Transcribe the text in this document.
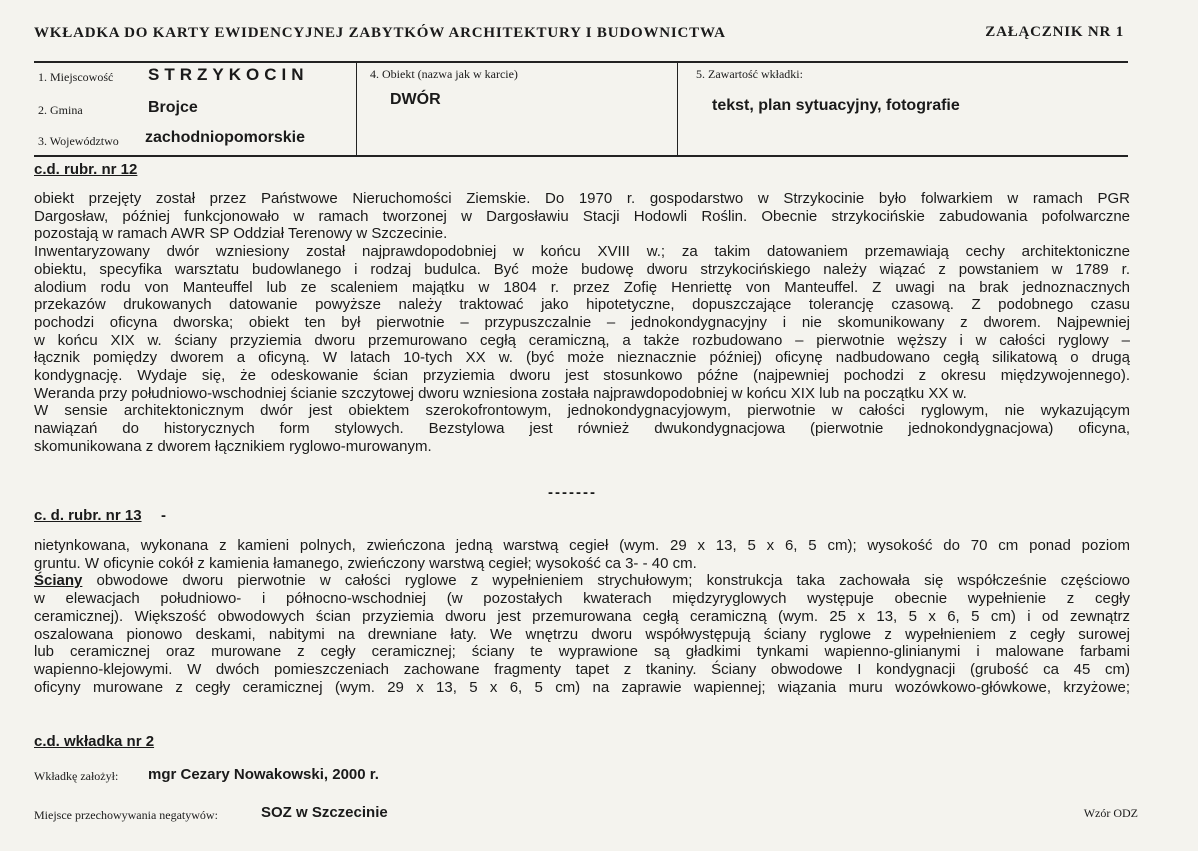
WKŁADKA DO KARTY EWIDENCYJNEJ ZABYTKÓW ARCHITEKTURY I BUDOWNICTWA	ZAŁĄCZNIK NR 1
1. Miejscowość STRZYKOCIN
2. Gmina	Brojce
3. Województwo zachodniopomorskie
4. Obiekt (nazwa jak w karcie)
DWÓR
5. Zawartość wkładki:
tekst, plan sytuacyjny, fotografie
c.d. rubr. nr 12
obiekt przejęty został przez Państwowe Nieruchomości Ziemskie. Do 1970 r. gospodarstwo w Strzykocinie było folwarkiem w ramach PGR
Dargosław, później funkcjonowało w ramach tworzonej w Dargosławiu Stacji Hodowli Roślin. Obecnie strzykocińskie zabudowania pofolwarczne
pozostają w ramach AWR SP Oddział Terenowy w Szczecinie.
Inwentaryzowany dwór wzniesiony został najprawdopodobniej w końcu XVIII w.; za takim datowaniem przemawiają cechy architektoniczne
obiektu, specyfika warsztatu budowlanego i rodzaj budulca. Być może budowę dworu strzykocińskiego należy wiązać z powstaniem w 1789 r.
alodium rodu von Manteuffel lub ze scaleniem majątku w 1804 r. przez Zofię Henriettę von Manteuffel. Z uwagi na brak jednoznacznych
przekazów drukowanych datowanie powyższe należy traktować jako hipotetyczne, dopuszczające tolerancję czasową. Z podobnego czasu
pochodzi oficyna dworska; obiekt ten był pierwotnie – przypuszczalnie – jednokondygnacyjny i nie skomunikowany z dworem. Najpewniej
w końcu XIX w. ściany przyziemia dworu przemurowano cegłą ceramiczną, a także rozbudowano – pierwotnie węższy i w całości ryglowy –
łącznik pomiędzy dworem a oficyną. W latach 10-tych XX w. (być może nieznacznie później) oficynę nadbudowano cegłą silikatową o drugą
kondygnację. Wydaje się, że odeskowanie ścian przyziemia dworu jest stosunkowo późne (najpewniej pochodzi z okresu międzywojennego).
Weranda przy południowo-wschodniej ścianie szczytowej dworu wzniesiona została najprawdopodobniej w końcu XIX lub na początku XX w.
W sensie architektonicznym dwór jest obiektem szerokofrontowym, jednokondygnacyjowym, pierwotnie w całości ryglowym, nie wykazującym
nawiązań do historycznych form stylowych. Bezstylowa jest również dwukondygnacjowa (pierwotnie jednokondygnacjowa) oficyna,
skomunikowana z dworem łącznikiem ryglowo-murowanym.
-------
c. d. rubr. nr 13 -
nietynkowana, wykonana z kamieni polnych, zwieńczona jedną warstwą cegieł (wym. 29 x 13, 5 x 6, 5 cm); wysokość do 70 cm ponad poziom
gruntu. W oficynie cokół z kamienia łamanego, zwieńczony warstwą cegieł; wysokość ca 3- - 40 cm.
Ściany obwodowe dworu pierwotnie w całości ryglowe z wypełnieniem strychułowym; konstrukcja taka zachowała się współcześnie częściowo
w elewacjach południowo- i północno-wschodniej (w pozostałych kwaterach międzyryglowych występuje obecnie wypełnienie z cegły
ceramicznej). Większość obwodowych ścian przyziemia dworu jest przemurowana cegłą ceramiczną (wym. 25 x 13, 5 x 6, 5 cm) i od zewnątrz
oszalowana pionowo deskami, nabitymi na drewniane łaty. We wnętrzu dworu współwystępują ściany ryglowe z wypełnieniem z cegły surowej
lub ceramicznej oraz murowane z cegły ceramicznej; ściany te wyprawione są gładkimi tynkami wapienno-glinianymi i malowane farbami
wapienno-klejowymi. W dwóch pomieszczeniach zachowane fragmenty tapet z tkaniny. Ściany obwodowe I kondygnacji (grubość ca 45 cm)
oficyny murowane z cegły ceramicznej (wym. 29 x 13, 5 x 6, 5 cm) na zaprawie wapiennej; wiązania muru wozówkowo-główkowe, krzyżowe;
c.d. wkładka nr 2
Wkładkę założył: mgr Cezary Nowakowski, 2000 r.
Miejsce przechowywania negatywów:	SOZ w Szczecinie	Wzór ODZ
